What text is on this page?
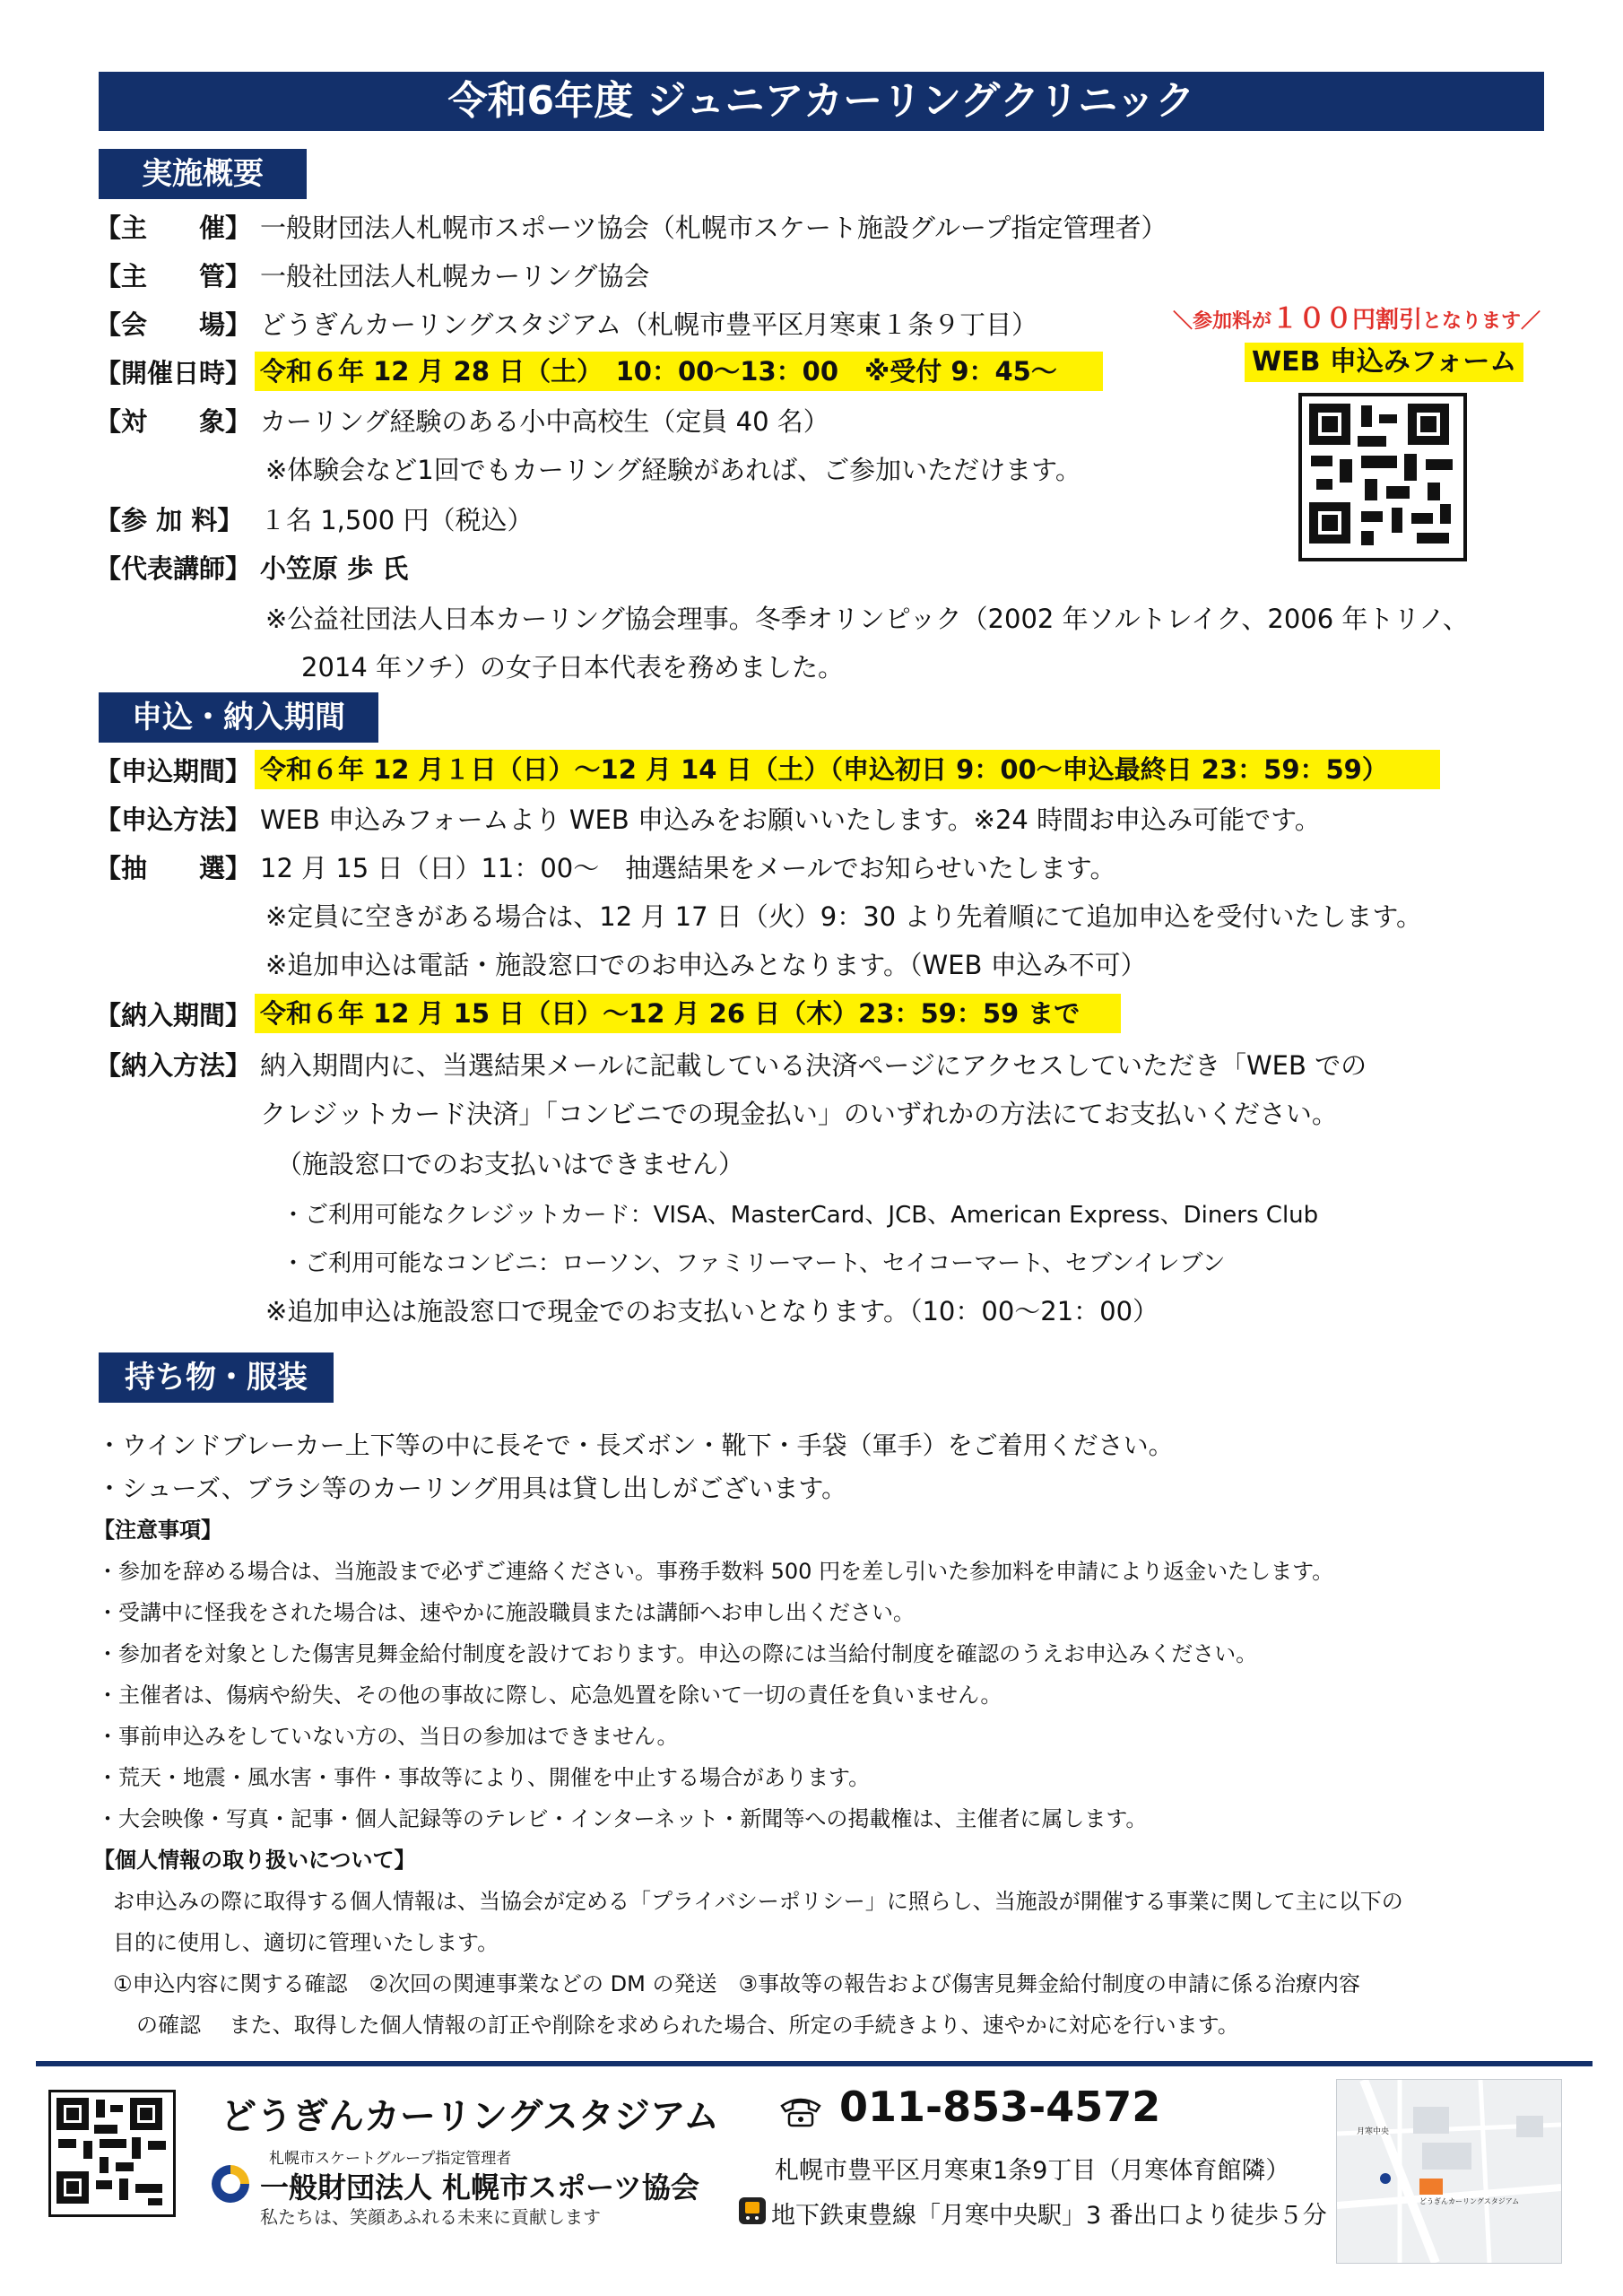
令和6年度 ジュニアカーリングクリニック
実施概要
【主　　催】 一般財団法人札幌市スポーツ協会（札幌市スケート施設グループ指定管理者）
【主　　管】 一般社団法人札幌カーリング協会
【会　　場】 どうぎんカーリングスタジアム（札幌市豊平区月寒東１条９丁目）
【開催日時】 令和６年 12 月 28 日（土）　10：00～13：00　※受付 9：45～
【対　　象】 カーリング経験のある小中高校生（定員 40 名）
※体験会など1回でもカーリング経験があれば、ご参加いただけます。
【参 加 料】 １名 1,500 円（税込）
【代表講師】 小笠原 歩 氏
※公益社団法人日本カーリング協会理事。冬季オリンピック（2002 年ソルトレイク、2006 年トリノ、
2014 年ソチ）の女子日本代表を務めました。
＼参加料が１００円割引となります／
WEB 申込みフォーム
申込・納入期間
【申込期間】 令和６年 12 月１日（日）～12 月 14 日（土）（申込初日 9：00～申込最終日 23：59：59）
【申込方法】 WEB 申込みフォームより WEB 申込みをお願いいたします。※24 時間お申込み可能です。
【抽　　選】 12 月 15 日（日）11：00～　抽選結果をメールでお知らせいたします。
※定員に空きがある場合は、12 月 17 日（火）9：30 より先着順にて追加申込を受付いたします。
※追加申込は電話・施設窓口でのお申込みとなります。（WEB 申込み不可）
【納入期間】 令和６年 12 月 15 日（日）～12 月 26 日（木）23：59：59 まで
【納入方法】 納入期間内に、当選結果メールに記載している決済ページにアクセスしていただき「WEB での
クレジットカード決済」「コンビニでの現金払い」のいずれかの方法にてお支払いください。
（施設窓口でのお支払いはできません）
・ご利用可能なクレジットカード：VISA、MasterCard、JCB、American Express、Diners Club
・ご利用可能なコンビニ：ローソン、ファミリーマート、セイコーマート、セブンイレブン
※追加申込は施設窓口で現金でのお支払いとなります。（10：00～21：00）
持ち物・服装
・ウインドブレーカー上下等の中に長そで・長ズボン・靴下・手袋（軍手）をご着用ください。
・シューズ、ブラシ等のカーリング用具は貸し出しがございます。
【注意事項】
・参加を辞める場合は、当施設まで必ずご連絡ください。事務手数料 500 円を差し引いた参加料を申請により返金いたします。
・受講中に怪我をされた場合は、速やかに施設職員または講師へお申し出ください。
・参加者を対象とした傷害見舞金給付制度を設けております。申込の際には当給付制度を確認のうえお申込みください。
・主催者は、傷病や紛失、その他の事故に際し、応急処置を除いて一切の責任を負いません。
・事前申込みをしていない方の、当日の参加はできません。
・荒天・地震・風水害・事件・事故等により、開催を中止する場合があります。
・大会映像・写真・記事・個人記録等のテレビ・インターネット・新聞等への掲載権は、主催者に属します。
【個人情報の取り扱いについて】
お申込みの際に取得する個人情報は、当協会が定める「プライバシーポリシー」に照らし、当施設が開催する事業に関して主に以下の
目的に使用し、適切に管理いたします。
①申込内容に関する確認　②次回の関連事業などの DM の発送　③事故等の報告および傷害見舞金給付制度の申請に係る治療内容
の確認　 また、取得した個人情報の訂正や削除を求められた場合、所定の手続きより、速やかに対応を行います。
どうぎんカーリングスタジアム	011-853-4572
札幌市スケートグループ指定管理者
一般財団法人 札幌市スポーツ協会
私たちは、笑顔あふれる未来に貢献します
札幌市豊平区月寒東1条9丁目（月寒体育館隣）
地下鉄東豊線「月寒中央駅」3 番出口より徒歩５分
月寒中央
どうぎんカーリングスタジアム
